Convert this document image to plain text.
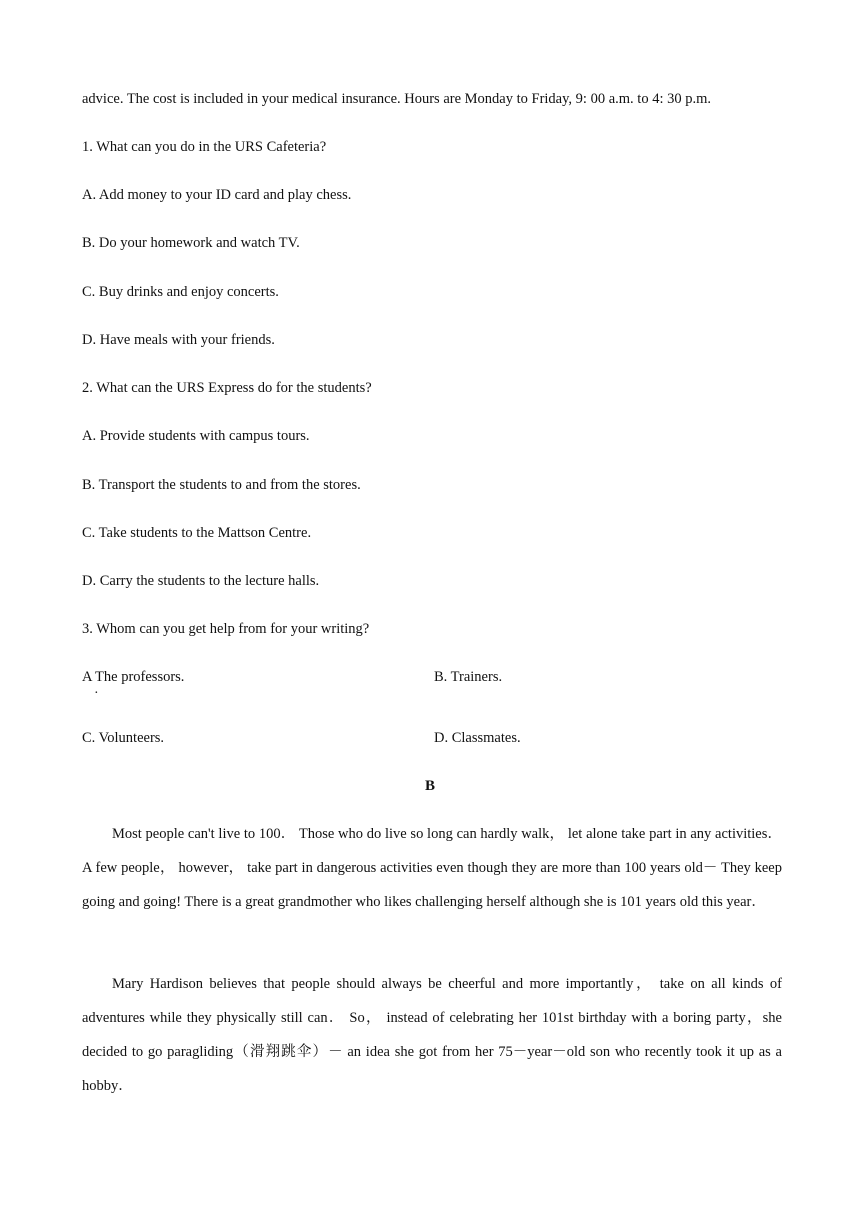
advice. The cost is included in your medical insurance. Hours are Monday to Friday, 9: 00 a.m. to 4: 30 p.m.
1. What can you do in the URS Cafeteria?
A. Add money to your ID card and play chess.
B. Do your homework and watch TV.
C. Buy drinks and enjoy concerts.
D. Have meals with your friends.
2. What can the URS Express do for the students?
A. Provide students with campus tours.
B. Transport the students to and from the stores.
C. Take students to the Mattson Centre.
D. Carry the students to the lecture halls.
3. Whom can you get help from for your writing?
A The professors.
·
B. Trainers.
C. Volunteers.	D. Classmates.
B
Most people can't live to 100． Those who do live so long can hardly walk， let alone take part in any activities． A few people， however， take part in dangerous activities even though they are more than 100 years old－ They keep going and going! There is a great grandmother who likes challenging herself although she is 101 years old this year．
Mary Hardison believes that people should always be cheerful and more importantly， take on all kinds of adventures while they physically still can． So， instead of celebrating her 101st birthday with a boring party，she decided to go paragliding（滑翔跳伞）－ an idea she got from her 75－year－old son who recently took it up as a hobby．
